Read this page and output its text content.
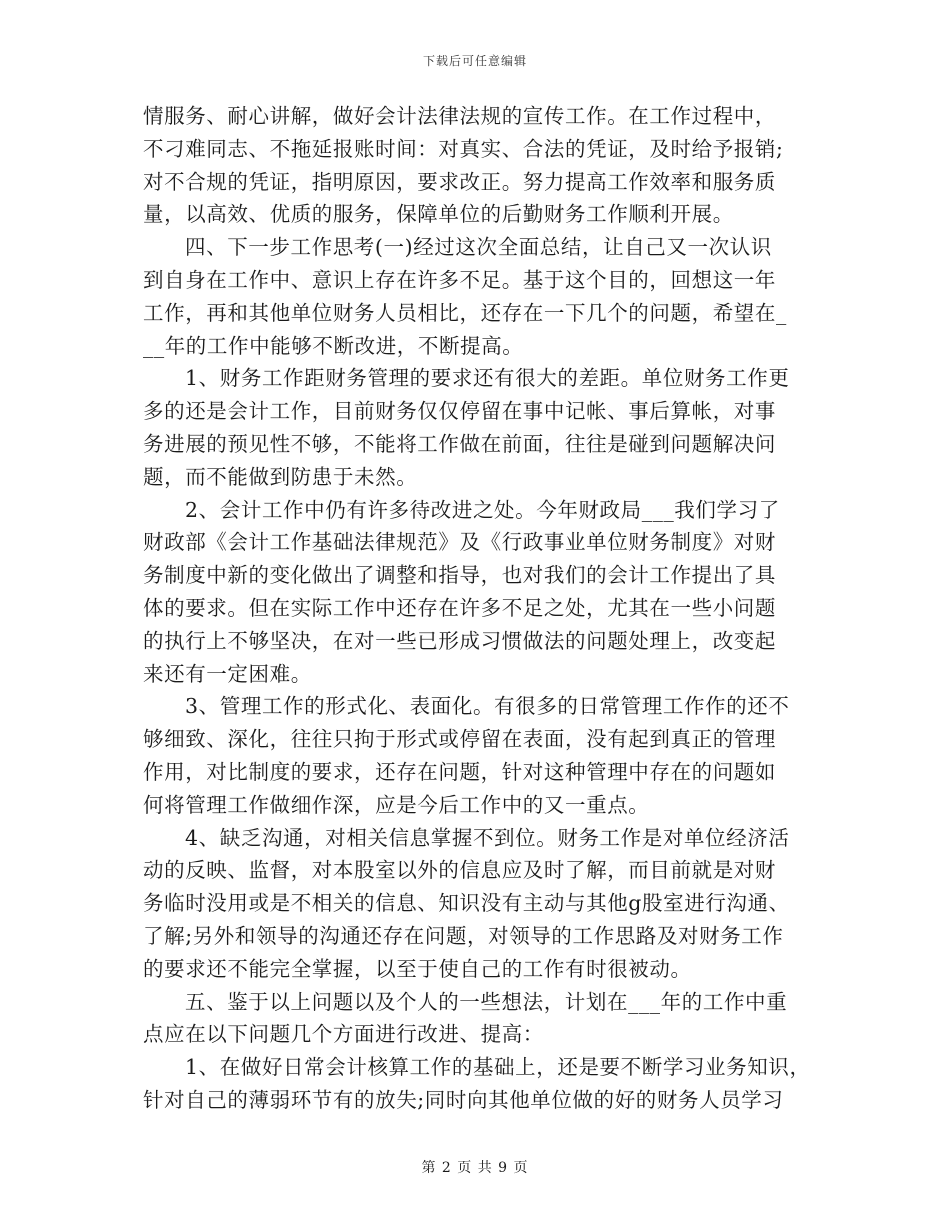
下载后可任意编辑
情服务、耐心讲解，做好会计法律法规的宣传工作。在工作过程中，
不刁难同志、不拖延报账时间：对真实、合法的凭证，及时给予报销;
对不合规的凭证，指明原因，要求改正。努力提高工作效率和服务质
量，以高效、优质的服务，保障单位的后勤财务工作顺利开展。
四、下一步工作思考(一)经过这次全面总结，让自己又一次认识
到自身在工作中、意识上存在许多不足。基于这个目的，回想这一年
工作，再和其他单位财务人员相比，还存在一下几个的问题，希望在_
__年的工作中能够不断改进，不断提高。
1、财务工作距财务管理的要求还有很大的差距。单位财务工作更
多的还是会计工作，目前财务仅仅停留在事中记帐、事后算帐，对事
务进展的预见性不够，不能将工作做在前面，往往是碰到问题解决问
题，而不能做到防患于未然。
2、会计工作中仍有许多待改进之处。今年财政局___我们学习了
财政部《会计工作基础法律规范》及《行政事业单位财务制度》对财
务制度中新的变化做出了调整和指导，也对我们的会计工作提出了具
体的要求。但在实际工作中还存在许多不足之处，尤其在一些小问题
的执行上不够坚决，在对一些已形成习惯做法的问题处理上，改变起
来还有一定困难。
3、管理工作的形式化、表面化。有很多的日常管理工作作的还不
够细致、深化，往往只拘于形式或停留在表面，没有起到真正的管理
作用，对比制度的要求，还存在问题，针对这种管理中存在的问题如
何将管理工作做细作深，应是今后工作中的又一重点。
4、缺乏沟通，对相关信息掌握不到位。财务工作是对单位经济活
动的反映、监督，对本股室以外的信息应及时了解，而目前就是对财
务临时没用或是不相关的信息、知识没有主动与其他g股室进行沟通、
了解;另外和领导的沟通还存在问题，对领导的工作思路及对财务工作
的要求还不能完全掌握，以至于使自己的工作有时很被动。
五、鉴于以上问题以及个人的一些想法，计划在___年的工作中重
点应在以下问题几个方面进行改进、提高：
1、在做好日常会计核算工作的基础上，还是要不断学习业务知识，
针对自己的薄弱环节有的放失;同时向其他单位做的好的财务人员学习
第 2 页 共 9 页
